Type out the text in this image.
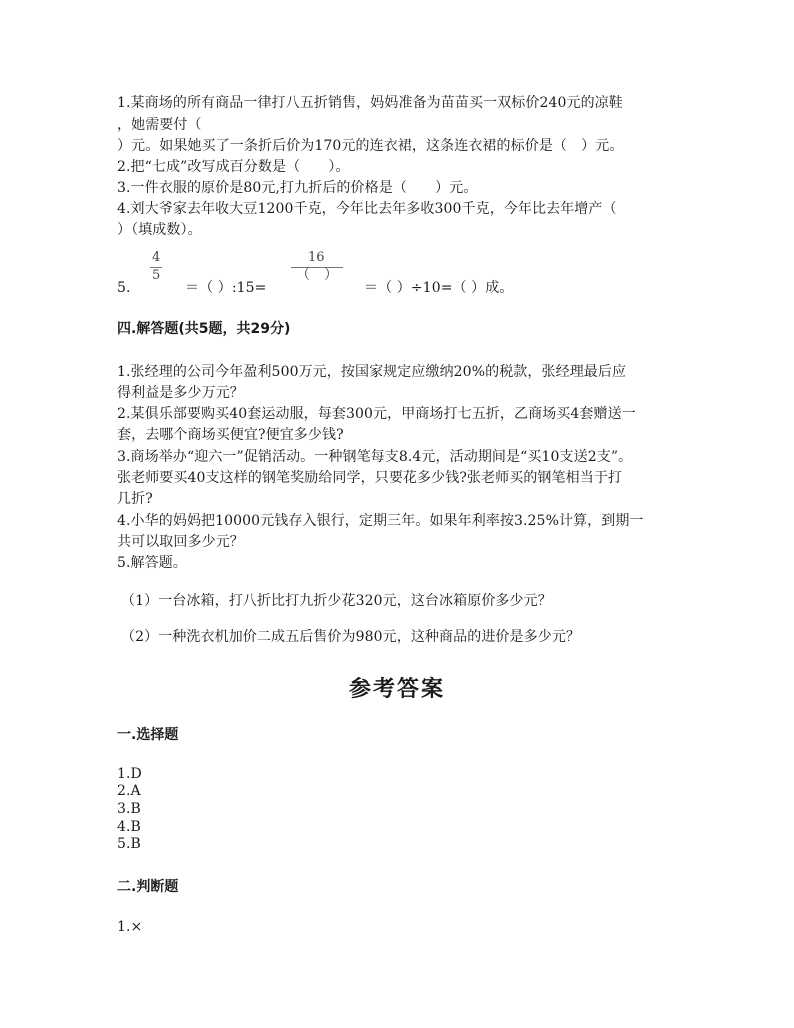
1.某商场的所有商品一律打八五折销售，妈妈准备为苗苗买一双标价240元的凉鞋
，她需要付（
）元。如果她买了一条折后价为170元的连衣裙，这条连衣裙的标价是（　）元。
2.把“七成”改写成百分数是（　　）。
3.一件衣服的原价是80元,打九折后的价格是（　　）元。
4.刘大爷家去年收大豆1200千克，今年比去年多收300千克，今年比去年增产（
）（填成数）。
5.
4
5
＝（ ）:15=
16
（　）
＝（ ）÷10=（ ）成。
四.解答题(共5题，共29分)
1.张经理的公司今年盈利500万元，按国家规定应缴纳20%的税款，张经理最后应
得利益是多少万元？
2.某俱乐部要购买40套运动服，每套300元，甲商场打七五折，乙商场买4套赠送一
套，去哪个商场买便宜?便宜多少钱?
3.商场举办“迎六一”促销活动。一种钢笔每支8.4元，活动期间是“买10支送2支”。
张老师要买40支这样的钢笔奖励给同学，只要花多少钱?张老师买的钢笔相当于打
几折?
4.小华的妈妈把10000元钱存入银行，定期三年。如果年利率按3.25%计算，到期一
共可以取回多少元？
5.解答题。
（1）一台冰箱，打八折比打九折少花320元，这台冰箱原价多少元？
（2）一种洗衣机加价二成五后售价为980元，这种商品的进价是多少元？
参考答案
一.选择题
1.D
2.A
3.B
4.B
5.B
二.判断题
1.×
